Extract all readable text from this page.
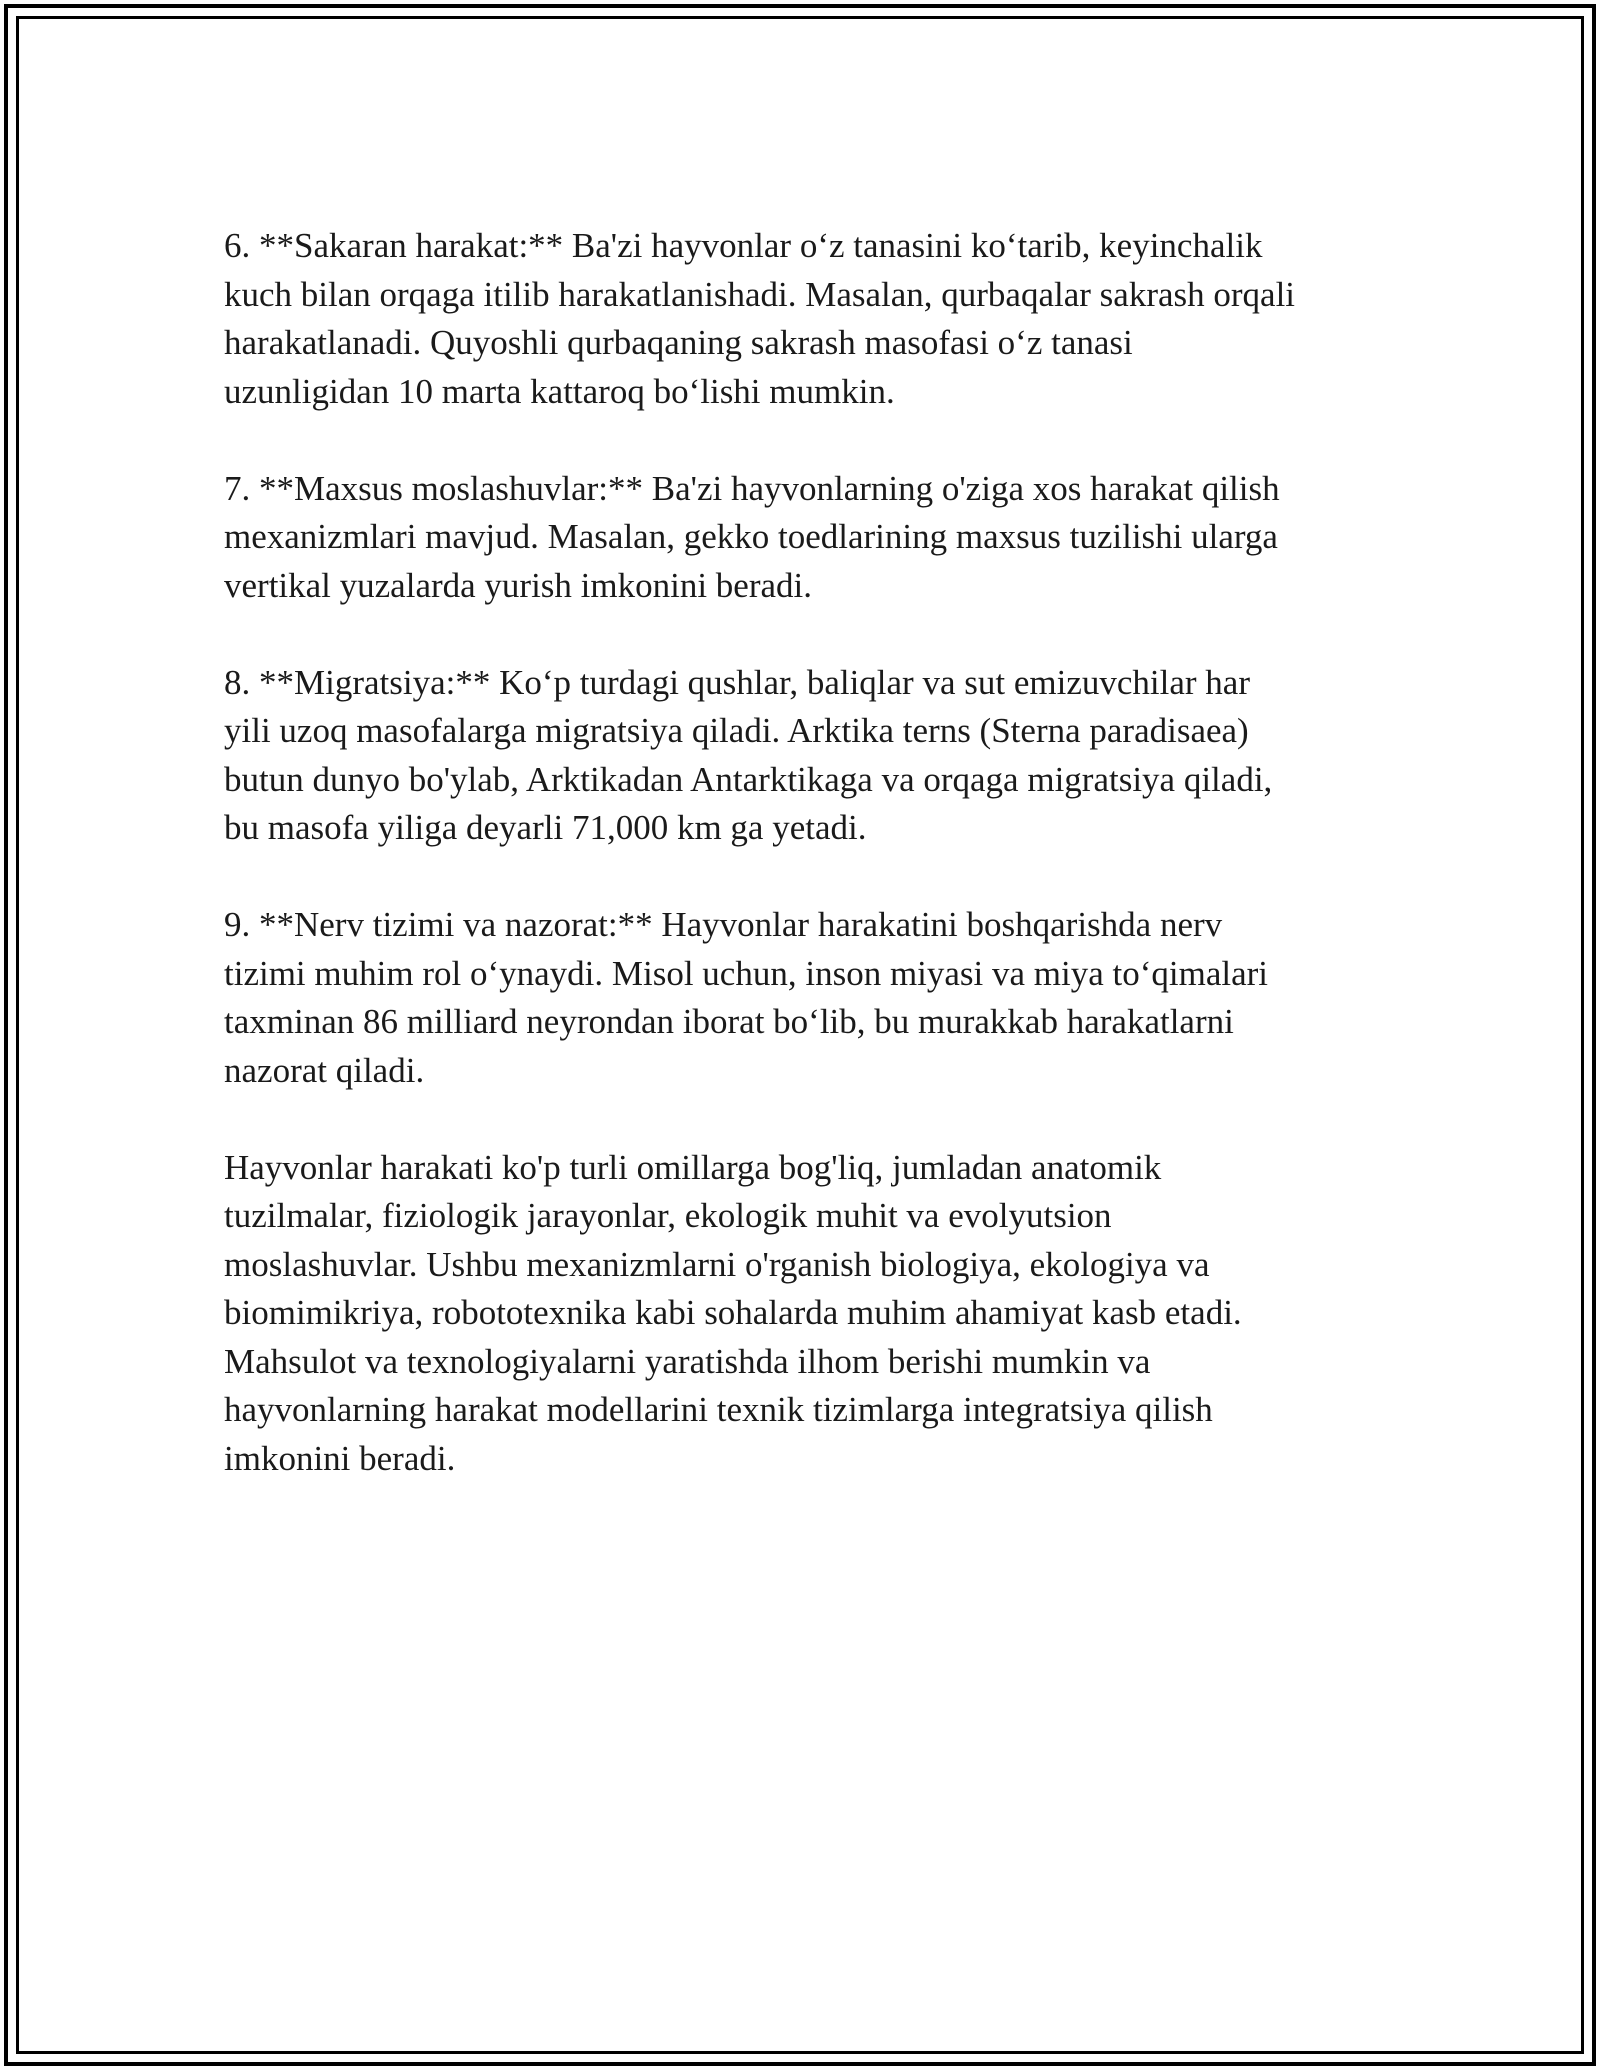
6. **Sakaran harakat:** Ba'zi hayvonlar o‘z tanasini ko‘tarib, keyinchalik
kuch bilan orqaga itilib harakatlanishadi. Masalan, qurbaqalar sakrash orqali
harakatlanadi. Quyoshli qurbaqaning sakrash masofasi o‘z tanasi
uzunligidan 10 marta kattaroq bo‘lishi mumkin.

7. **Maxsus moslashuvlar:** Ba'zi hayvonlarning o'ziga xos harakat qilish
mexanizmlari mavjud. Masalan, gekko toedlarining maxsus tuzilishi ularga
vertikal yuzalarda yurish imkonini beradi.

8. **Migratsiya:** Ko‘p turdagi qushlar, baliqlar va sut emizuvchilar har
yili uzoq masofalarga migratsiya qiladi. Arktika terns (Sterna paradisaea)
butun dunyo bo'ylab, Arktikadan Antarktikaga va orqaga migratsiya qiladi,
bu masofa yiliga deyarli 71,000 km ga yetadi.

9. **Nerv tizimi va nazorat:** Hayvonlar harakatini boshqarishda nerv
tizimi muhim rol o‘ynaydi. Misol uchun, inson miyasi va miya to‘qimalari
taxminan 86 milliard neyrondan iborat bo‘lib, bu murakkab harakatlarni
nazorat qiladi.

Hayvonlar harakati ko'p turli omillarga bog'liq, jumladan anatomik
tuzilmalar, fiziologik jarayonlar, ekologik muhit va evolyutsion
moslashuvlar. Ushbu mexanizmlarni o'rganish biologiya, ekologiya va
biomimikriya, robototexnika kabi sohalarda muhim ahamiyat kasb etadi.
Mahsulot va texnologiyalarni yaratishda ilhom berishi mumkin va
hayvonlarning harakat modellarini texnik tizimlarga integratsiya qilish
imkonini beradi.
